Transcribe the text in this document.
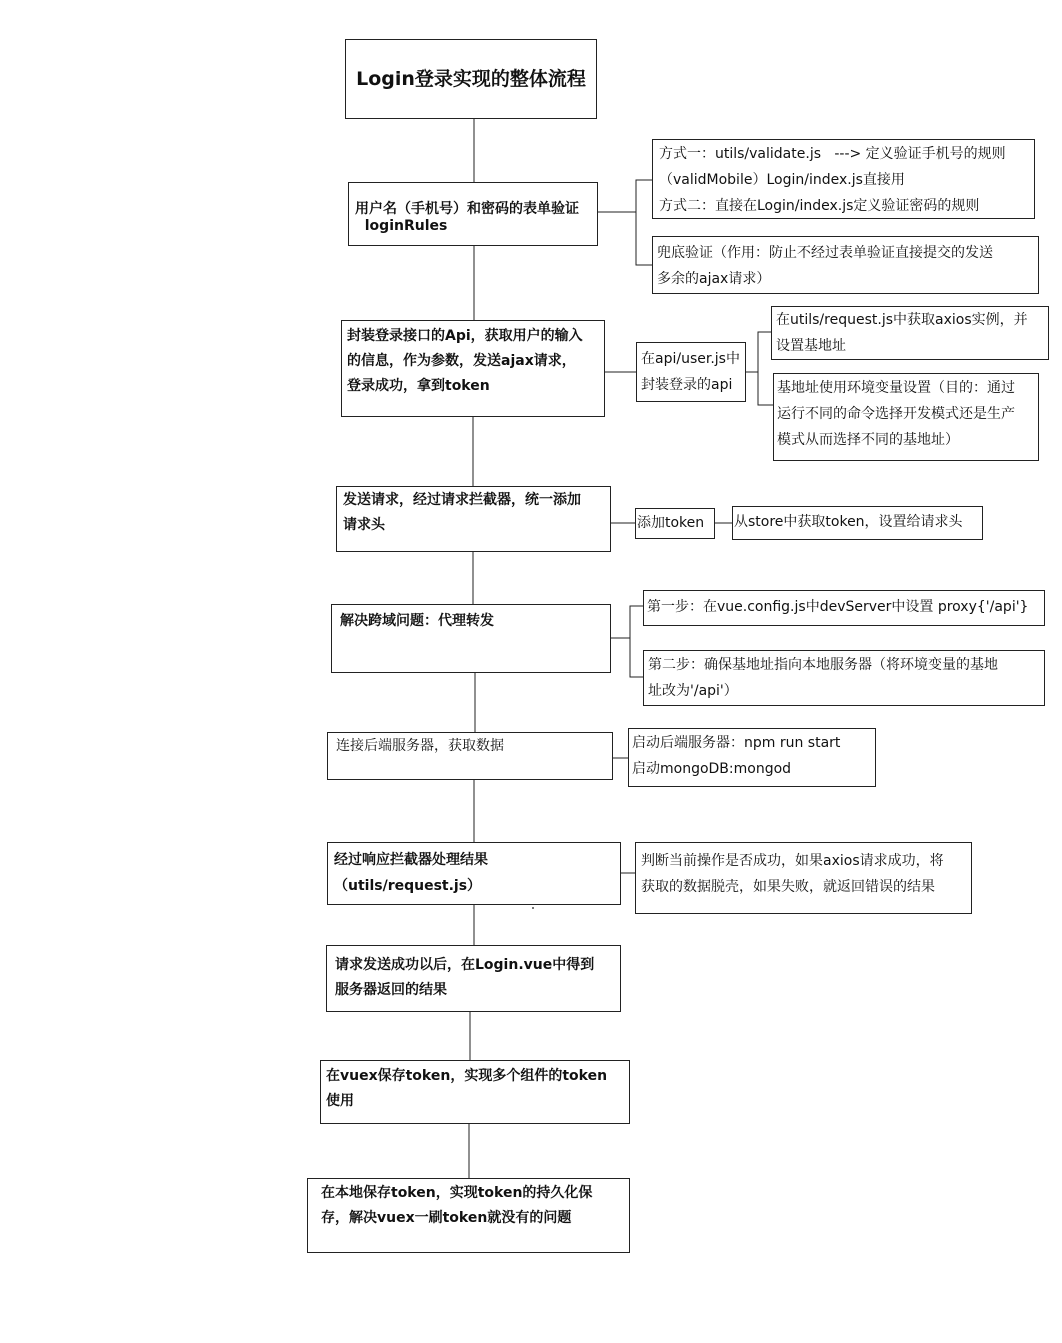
Login登录实现的整体流程
用户名（手机号）和密码的表单验证
loginRules
方式一：utils/validate.js   ---> 定义验证手机号的规则
（validMobile）Login/index.js直接用
方式二：直接在Login/index.js定义验证密码的规则
兜底验证（作用：防止不经过表单验证直接提交的发送
多余的ajax请求）
封装登录接口的Api，获取用户的输入
的信息，作为参数，发送ajax请求，
登录成功，拿到token
在api/user.js中
封装登录的api
在utils/request.js中获取axios实例，并
设置基地址
基地址使用环境变量设置（目的：通过
运行不同的命令选择开发模式还是生产
模式从而选择不同的基地址）
发送请求，经过请求拦截器，统一添加
请求头	添加token	从store中获取token，设置给请求头
解决跨域问题：代理转发
第一步：在vue.config.js中devServer中设置 proxy{'/api'}
第二步：确保基地址指向本地服务器（将环境变量的基地
址改为'/api'）
连接后端服务器，获取数据	启动后端服务器：npm run start
启动mongoDB:mongod
经过响应拦截器处理结果
（utils/request.js）
判断当前操作是否成功，如果axios请求成功，将
获取的数据脱壳，如果失败，就返回错误的结果
请求发送成功以后，在Login.vue中得到
服务器返回的结果
在vuex保存token，实现多个组件的token
使用
在本地保存token，实现token的持久化保
存，解决vuex一刷token就没有的问题
